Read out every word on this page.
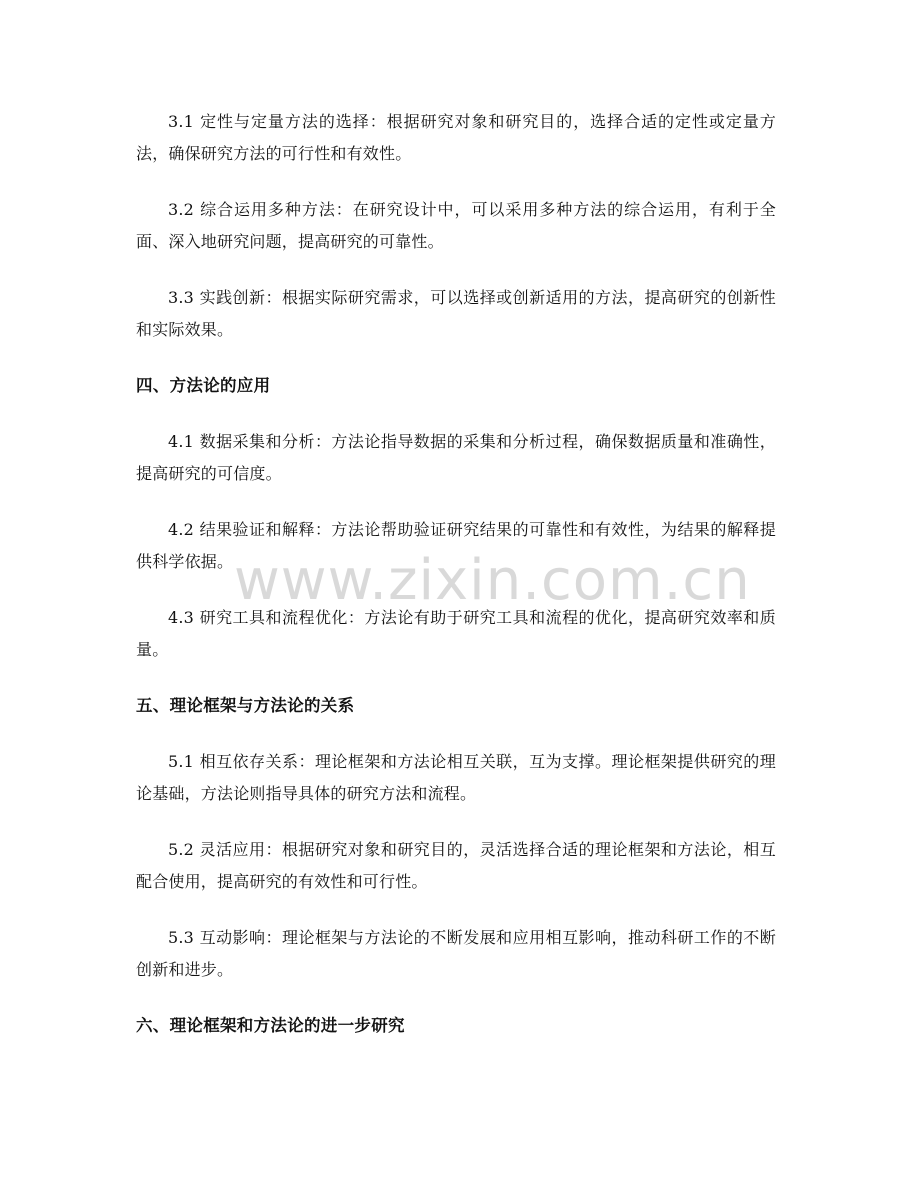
3.1 定性与定量方法的选择：根据研究对象和研究目的，选择合适的定性或定量方法，确保研究方法的可行性和有效性。

3.2 综合运用多种方法：在研究设计中，可以采用多种方法的综合运用，有利于全面、深入地研究问题，提高研究的可靠性。

3.3 实践创新：根据实际研究需求，可以选择或创新适用的方法，提高研究的创新性和实际效果。

四、方法论的应用

4.1 数据采集和分析：方法论指导数据的采集和分析过程，确保数据质量和准确性，提高研究的可信度。

4.2 结果验证和解释：方法论帮助验证研究结果的可靠性和有效性，为结果的解释提供科学依据。

4.3 研究工具和流程优化：方法论有助于研究工具和流程的优化，提高研究效率和质量。

五、理论框架与方法论的关系

5.1 相互依存关系：理论框架和方法论相互关联，互为支撑。理论框架提供研究的理论基础，方法论则指导具体的研究方法和流程。

5.2 灵活应用：根据研究对象和研究目的，灵活选择合适的理论框架和方法论，相互配合使用，提高研究的有效性和可行性。

5.3 互动影响：理论框架与方法论的不断发展和应用相互影响，推动科研工作的不断创新和进步。

六、理论框架和方法论的进一步研究
www.zixin.com.cn
